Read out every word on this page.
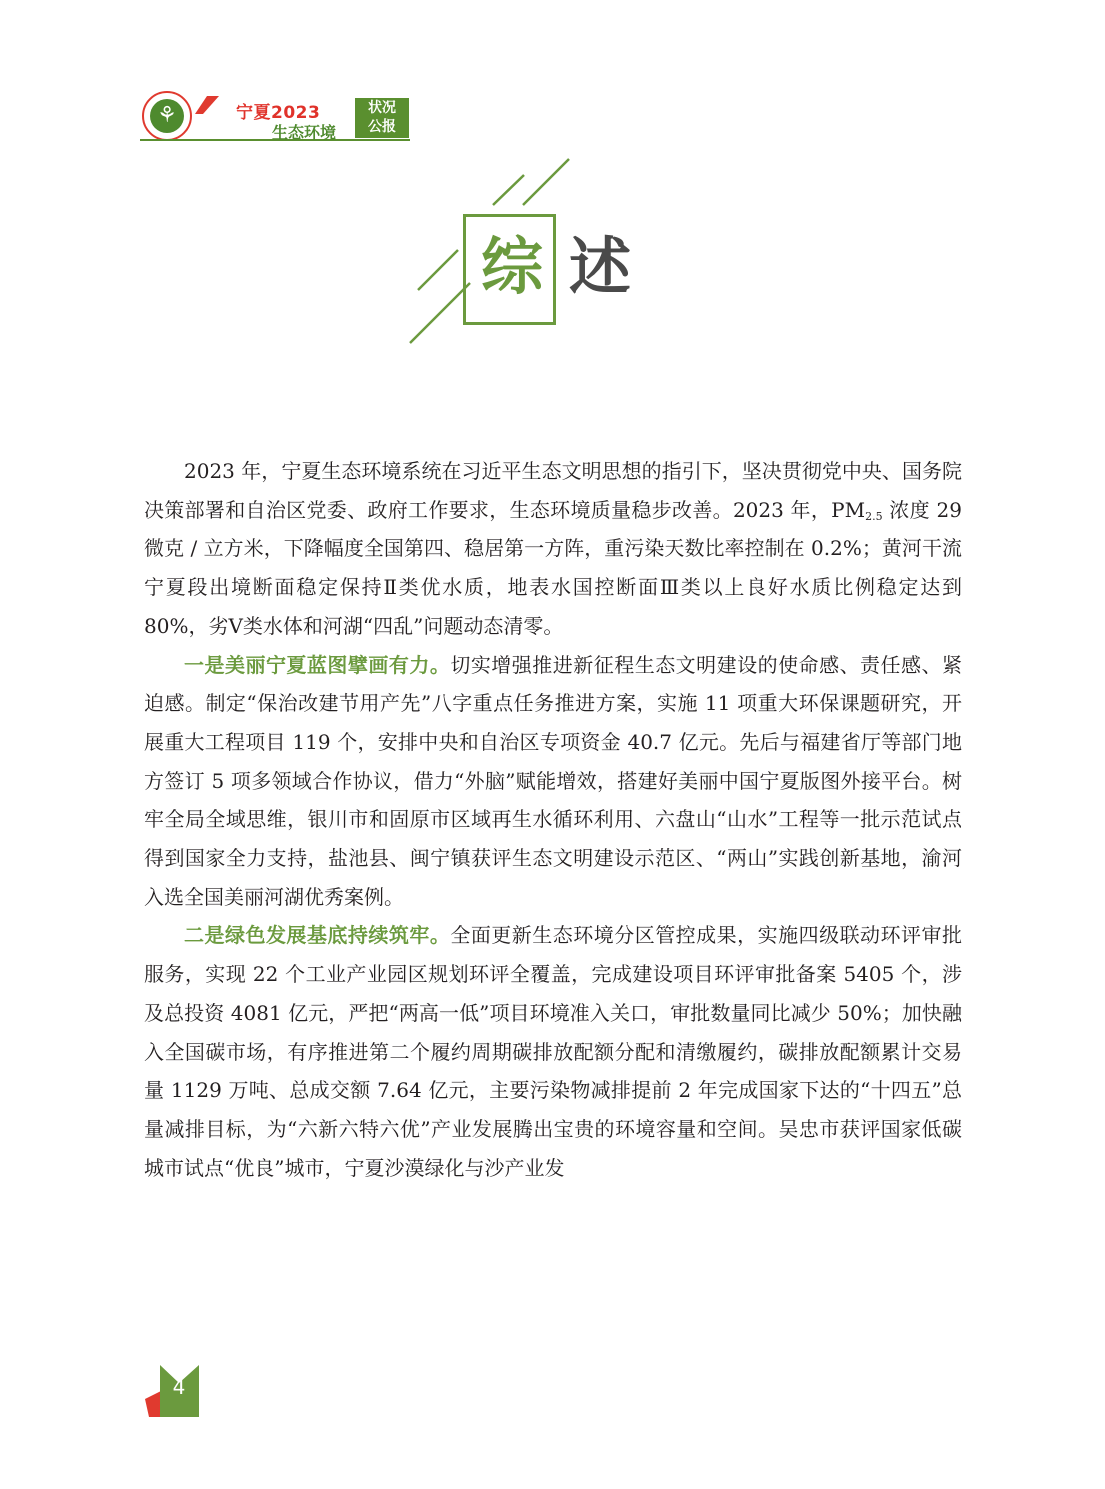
⚘	宁夏2023
生态环境
状况
公报
综 述

2023 年，宁夏生态环境系统在习近平生态文明思想的指引下，坚决贯彻党中央、国务院决策部署和自治区党委、政府工作要求，生态环境质量稳步改善。2023 年，$PM_{2.5}$ 浓度 29 微克 / 立方米，下降幅度全国第四、稳居第一方阵，重污染天数比率控制在 0.2%；黄河干流宁夏段出境断面稳定保持Ⅱ类优水质，地表水国控断面Ⅲ类以上良好水质比例稳定达到 80%，劣Ⅴ类水体和河湖“四乱”问题动态清零。

一是美丽宁夏蓝图擘画有力。切实增强推进新征程生态文明建设的使命感、责任感、紧迫感。制定“保治改建节用产先”八字重点任务推进方案，实施 11 项重大环保课题研究，开展重大工程项目 119 个，安排中央和自治区专项资金 40.7 亿元。先后与福建省厅等部门地方签订 5 项多领域合作协议，借力“外脑”赋能增效，搭建好美丽中国宁夏版图外接平台。树牢全局全域思维，银川市和固原市区域再生水循环利用、六盘山“山水”工程等一批示范试点得到国家全力支持，盐池县、闽宁镇获评生态文明建设示范区、“两山”实践创新基地，渝河入选全国美丽河湖优秀案例。

二是绿色发展基底持续筑牢。全面更新生态环境分区管控成果，实施四级联动环评审批服务，实现 22 个工业产业园区规划环评全覆盖，完成建设项目环评审批备案 5405 个，涉及总投资 4081 亿元，严把“两高一低”项目环境准入关口，审批数量同比减少 50%；加快融入全国碳市场，有序推进第二个履约周期碳排放配额分配和清缴履约，碳排放配额累计交易量 1129 万吨、总成交额 7.64 亿元，主要污染物减排提前 2 年完成国家下达的“十四五”总量减排目标，为“六新六特六优”产业发展腾出宝贵的环境容量和空间。吴忠市获评国家低碳城市试点“优良”城市，宁夏沙漠绿化与沙产业发

4
